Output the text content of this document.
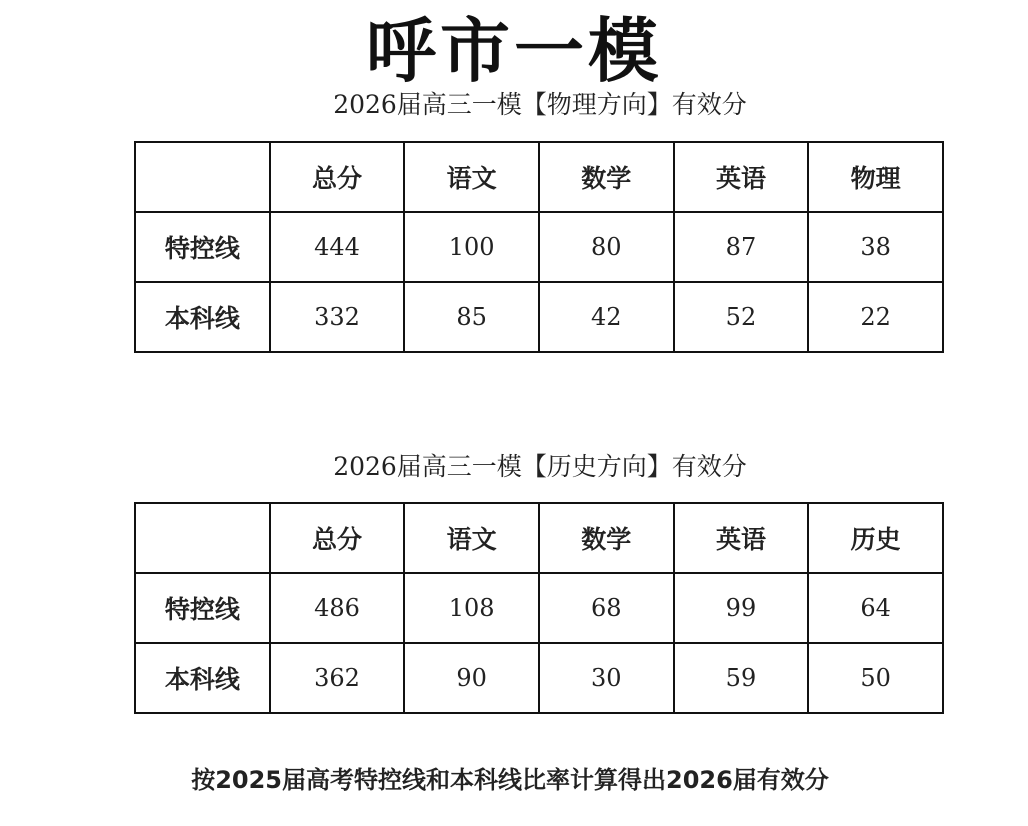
呼市一模
2026届高三一模【物理方向】有效分
	总分	语文	数学	英语	物理
特控线	444	100	80	87	38
本科线	332	85	42	52	22
2026届高三一模【历史方向】有效分
	总分	语文	数学	英语	历史
特控线	486	108	68	99	64
本科线	362	90	30	59	50
按2025届高考特控线和本科线比率计算得出2026届有效分
